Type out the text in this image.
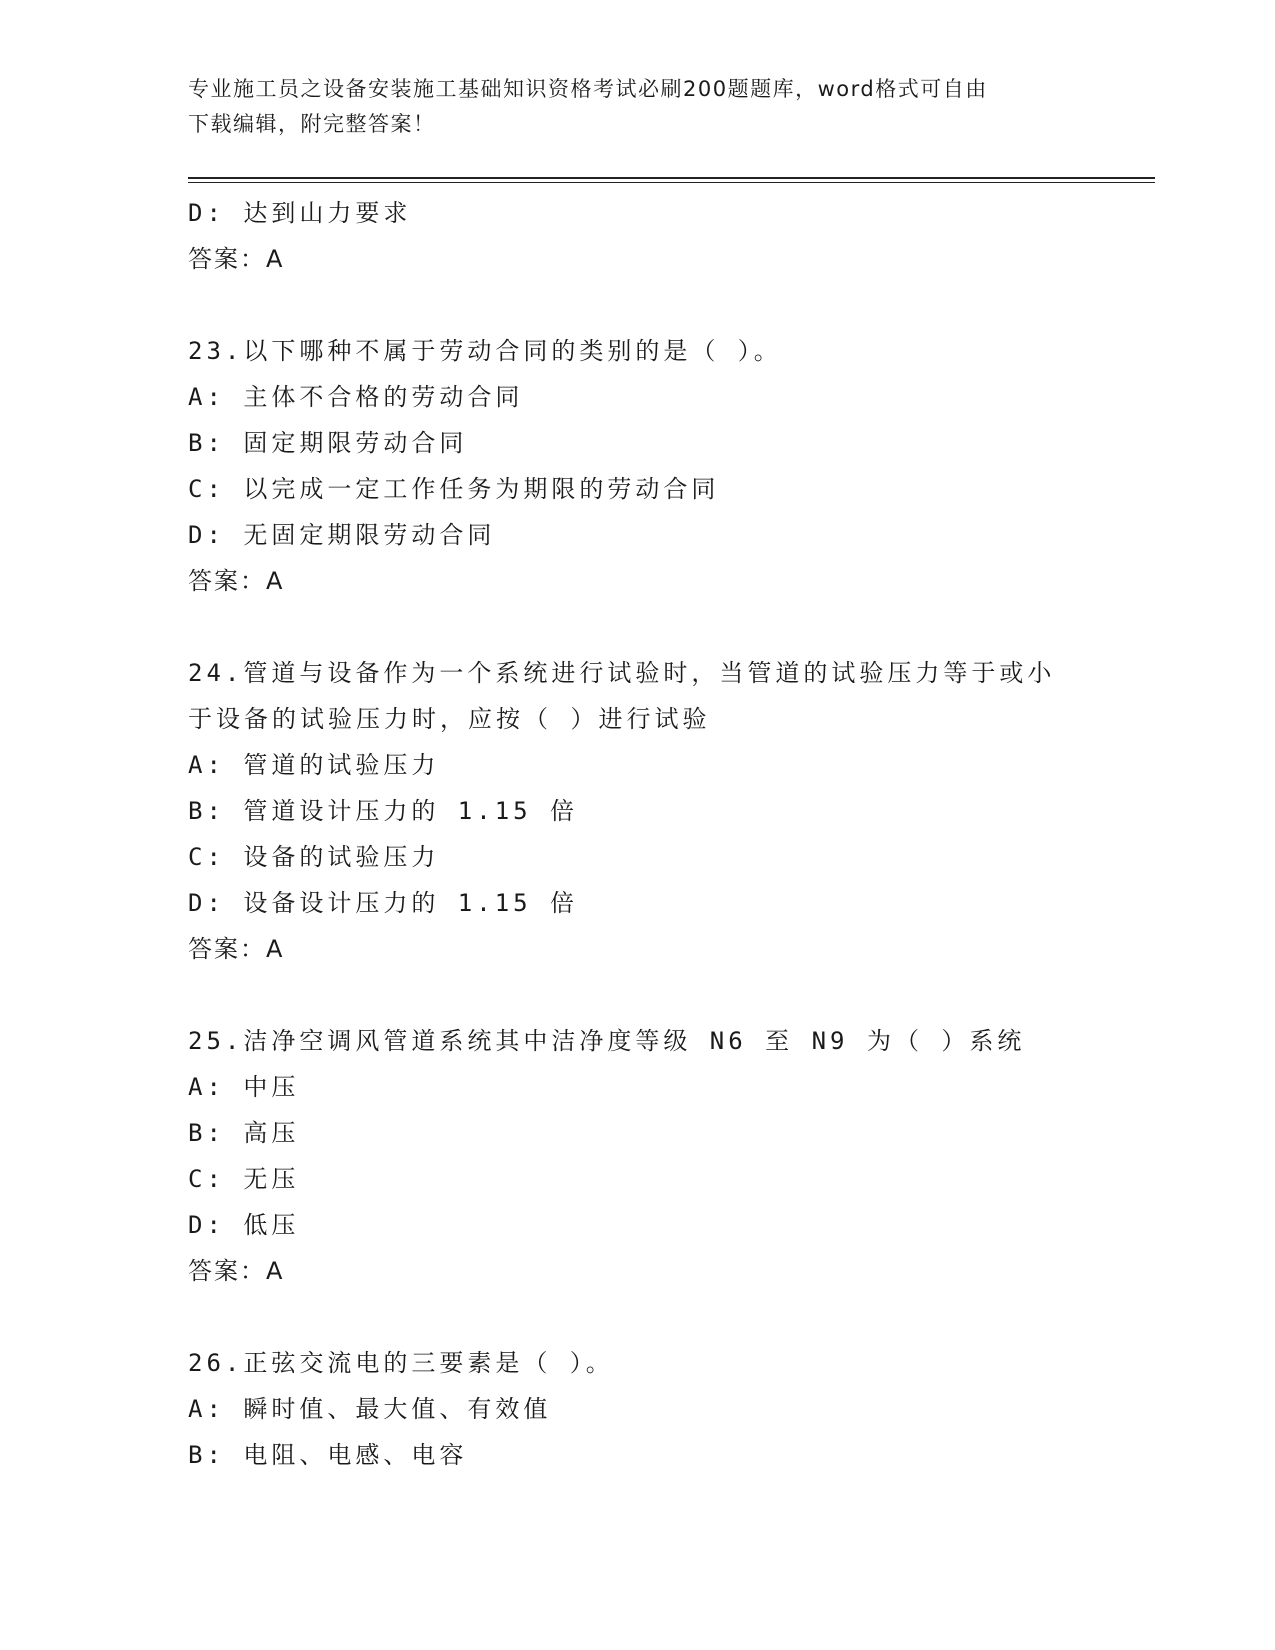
专业施工员之设备安装施工基础知识资格考试必刷200题题库，word格式可自由
下载编辑，附完整答案！
D: 达到山力要求
答案：A
23.以下哪种不属于劳动合同的类别的是（ ）。
A: 主体不合格的劳动合同
B: 固定期限劳动合同
C: 以完成一定工作任务为期限的劳动合同
D: 无固定期限劳动合同
答案：A
24.管道与设备作为一个系统进行试验时，当管道的试验压力等于或小
于设备的试验压力时，应按（ ）进行试验
A: 管道的试验压力
B: 管道设计压力的 1.15 倍
C: 设备的试验压力
D: 设备设计压力的 1.15 倍
答案：A
25.洁净空调风管道系统其中洁净度等级 N6 至 N9 为（ ）系统
A: 中压
B: 高压
C: 无压
D: 低压
答案：A
26.正弦交流电的三要素是（ ）。
A: 瞬时值、最大值、有效值
B: 电阻、电感、电容
